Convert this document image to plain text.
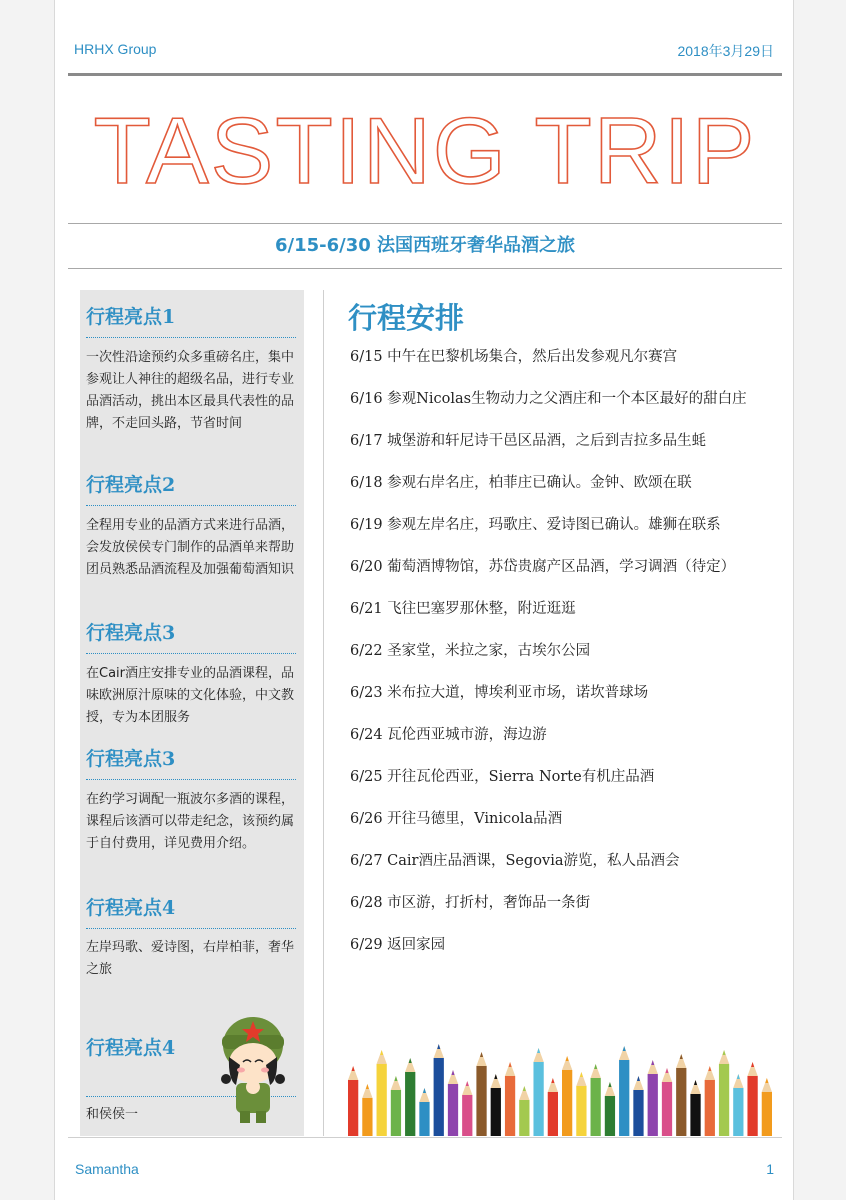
HRHX Group	2018年3月29日
TASTING TRIP
6/15-6/30 法国西班牙奢华品酒之旅
行程亮点1
一次性沿途预约众多重磅名庄，集中参观让人神往的超级名品，进行专业品酒活动，挑出本区最具代表性的品牌，不走回头路，节省时间
行程亮点2
全程用专业的品酒方式来进行品酒，会发放侯侯专门制作的品酒单来帮助团员熟悉品酒流程及加强葡萄酒知识
行程亮点3
在Cair酒庄安排专业的品酒课程，品味欧洲原汁原味的文化体验，中文教授，专为本团服务
行程亮点3
在约学习调配一瓶波尔多酒的课程，课程后该酒可以带走纪念，该预约属于自付费用，详见费用介绍。
行程亮点4
左岸玛歌、爱诗图，右岸柏菲，奢华之旅
行程亮点4
和侯侯一
行程安排
6/15 中午在巴黎机场集合，然后出发参观凡尔赛宫
6/16 参观Nicolas生物动力之父酒庄和一个本区最好的甜白庄
6/17 城堡游和轩尼诗干邑区品酒，之后到吉拉多品生蚝
6/18 参观右岸名庄，柏菲庄已确认。金钟、欧颂在联
6/19 参观左岸名庄，玛歌庄、爱诗图已确认。雄狮在联系
6/20 葡萄酒博物馆，苏岱贵腐产区品酒，学习调酒（待定）
6/21 飞往巴塞罗那休整，附近逛逛
6/22 圣家堂，米拉之家，古埃尔公园
6/23 米布拉大道，博埃利亚市场，诺坎普球场
6/24 瓦伦西亚城市游，海边游
6/25 开往瓦伦西亚，Sierra Norte有机庄品酒
6/26 开往马德里，Vinicola品酒
6/27 Cair酒庄品酒课，Segovia游览，私人品酒会
6/28 市区游，打折村，奢饰品一条街
6/29 返回家园
Samantha	1
